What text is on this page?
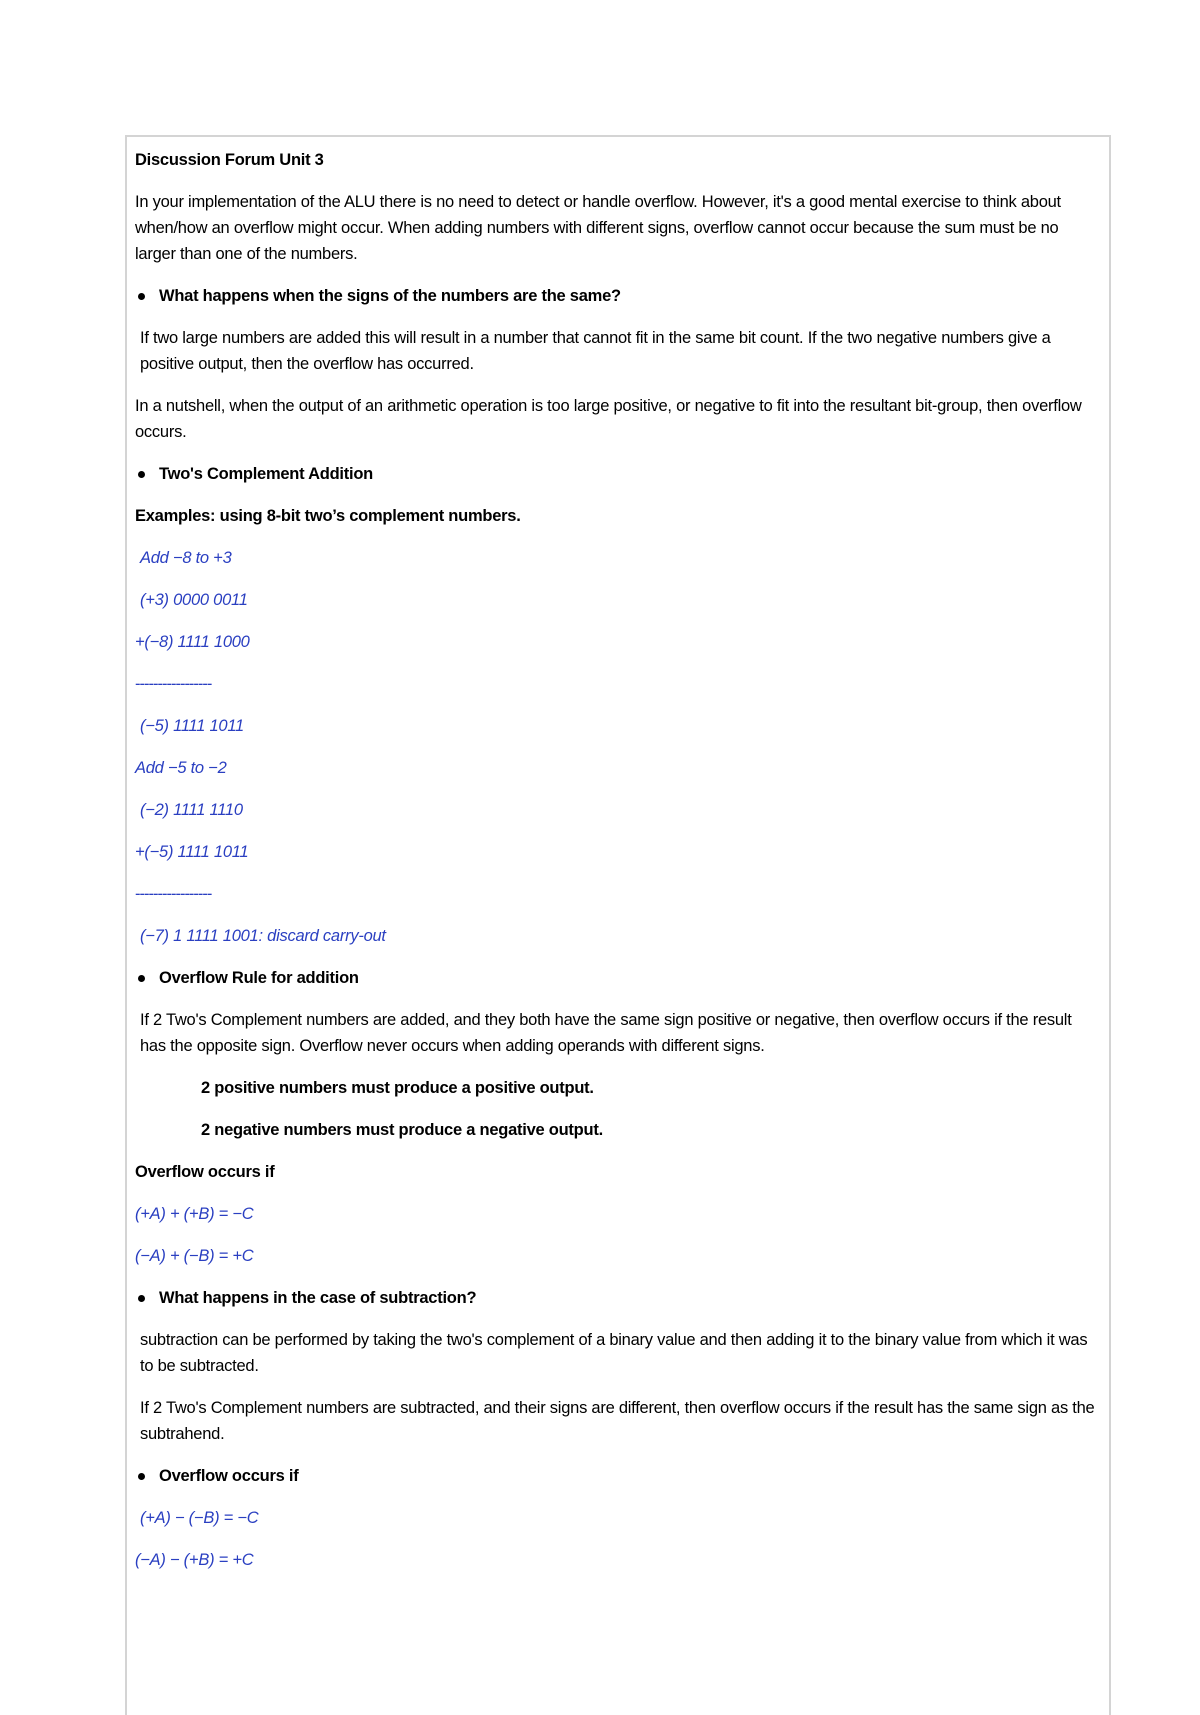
Discussion Forum Unit 3

In your implementation of the ALU there is no need to detect or handle overflow. However, it's a good mental exercise to think about when/how an overflow might occur. When adding numbers with different signs, overflow cannot occur because the sum must be no larger than one of the numbers.

What happens when the signs of the numbers are the same?

If two large numbers are added this will result in a number that cannot fit in the same bit count. If the two negative numbers give a positive output, then the overflow has occurred.

In a nutshell, when the output of an arithmetic operation is too large positive, or negative to fit into the resultant bit-group, then overflow occurs.

Two's Complement Addition

Examples: using 8-bit two’s complement numbers.

Add −8 to +3

(+3) 0000 0011

+(−8) 1111 1000

-----------------

(−5) 1111 1011

Add −5 to −2

(−2) 1111 1110

+(−5) 1111 1011

-----------------

(−7) 1 1111 1001: discard carry-out

Overflow Rule for addition

If 2 Two's Complement numbers are added, and they both have the same sign positive or negative, then overflow occurs if the result has the opposite sign. Overflow never occurs when adding operands with different signs.

2 positive numbers must produce a positive output.

2 negative numbers must produce a negative output.

Overflow occurs if

(+A) + (+B) = −C

(−A) + (−B) = +C

What happens in the case of subtraction?

subtraction can be performed by taking the two's complement of a binary value and then adding it to the binary value from which it was to be subtracted.

If 2 Two's Complement numbers are subtracted, and their signs are different, then overflow occurs if the result has the same sign as the subtrahend.

Overflow occurs if

(+A) − (−B) = −C

(−A) − (+B) = +C
